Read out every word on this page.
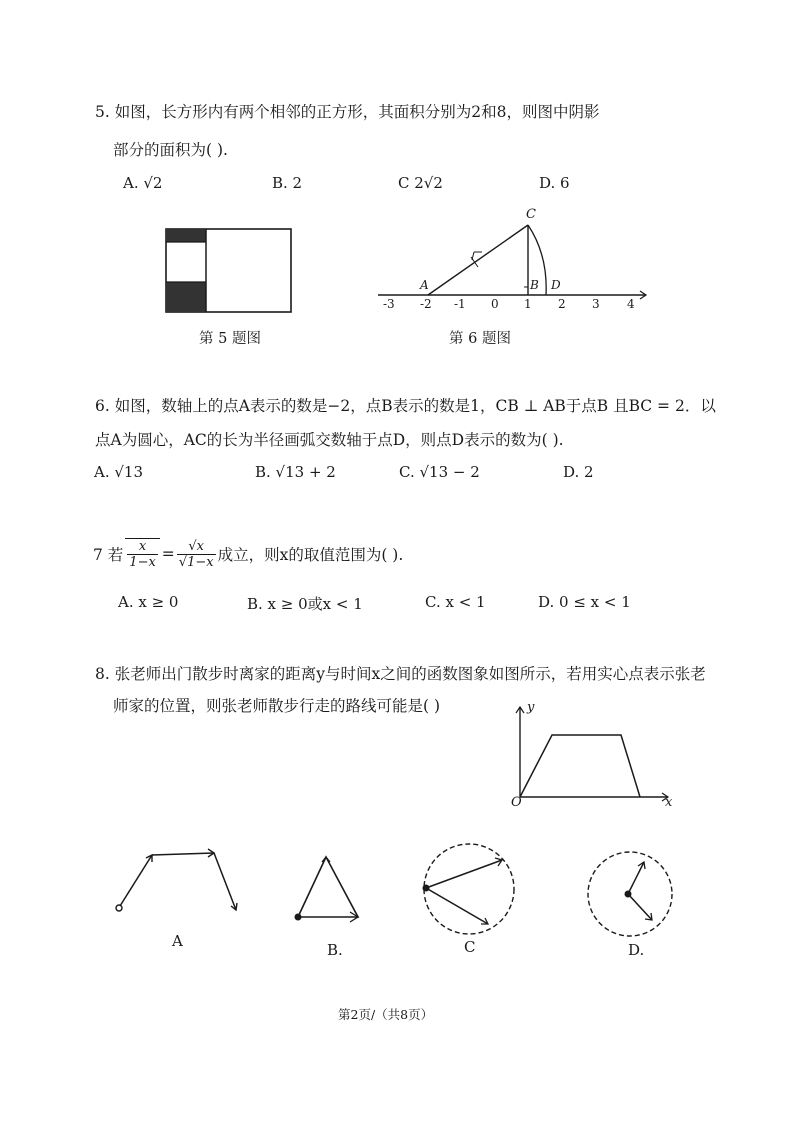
5. 如图，长方形内有两个相邻的正方形，其面积分别为2和8，则图中阴影
部分的面积为( ).
A. √2	B. 2	C 2√2	D. 6
第 5 题图
-3 -2 -1 0 1 2 3 4
A	B
C
D
第 6 题图
6. 如图，数轴上的点A表示的数是−2，点B表示的数是1，CB ⊥ AB于点B 且BC = 2．以
点A为圆心，AC的长为半径画弧交数轴于点D，则点D表示的数为( ).
A. √13	B. √13 + 2	C. √13 − 2	D. 2
7 若 $\frac{x}{1-x} = \frac{√x}{√1-x}$ 成立，则x的取值范围为( ).
A. x ≥ 0	B. x ≥ 0或x < 1	C. x < 1	D. 0 ≤ x < 1
8. 张老师出门散步时离家的距离y与时间x之间的函数图象如图所示，若用实心点表示张老
师家的位置，则张老师散步行走的路线可能是( )	y
O	x
A	B.	C	D.
第2页/（共8页）
